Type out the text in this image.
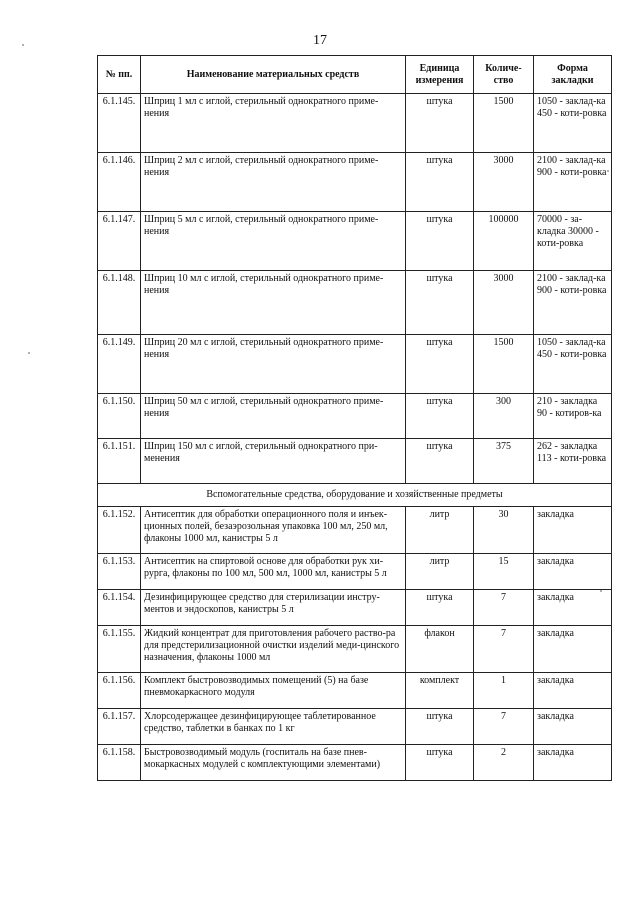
17
№ пп.	Наименование материальных средств	Единица измерения	Количе-ство	Форма закладки
6.1.145.	Шприц 1 мл с иглой, стерильный однократного приме-нения	штука	1500	1050 - заклад-ка 450 - коти-ровка
6.1.146.	Шприц 2 мл с иглой, стерильный однократного приме-нения	штука	3000	2100 - заклад-ка 900 - коти-ровка
6.1.147.	Шприц 5 мл с иглой, стерильный однократного приме-нения	штука	100000	70000 - за-кладка 30000 - коти-ровка
6.1.148.	Шприц 10 мл с иглой, стерильный однократного приме-нения	штука	3000	2100 - заклад-ка 900 - коти-ровка
6.1.149.	Шприц 20 мл с иглой, стерильный однократного приме-нения	штука	1500	1050 - заклад-ка 450 - коти-ровка
6.1.150.	Шприц 50 мл с иглой, стерильный однократного приме-нения	штука	300	210 - закладка 90 - котиров-ка
6.1.151.	Шприц 150 мл с иглой, стерильный однократного при-менения	штука	375	262 - закладка 113 - коти-ровка
Вспомогательные средства, оборудование и хозяйственные предметы				
6.1.152.	Антисептик для обработки операционного поля и инъек-ционных полей, безаэрозольная упаковка 100 мл, 250 мл, флаконы 1000 мл, канистры 5 л	литр	30	закладка
6.1.153.	Антисептик на спиртовой основе для обработки рук хи-рурга, флаконы по 100 мл, 500 мл, 1000 мл, канистры 5 л	литр	15	закладка
6.1.154.	Дезинфицирующее средство для стерилизации инстру-ментов и эндоскопов, канистры 5 л	штука	7	закладка
6.1.155.	Жидкий концентрат для приготовления рабочего раство-ра для предстерилизационной очистки изделий меди-цинского назначения, флаконы 1000 мл	флакон	7	закладка
6.1.156.	Комплект быстровозводимых помещений (5) на базе пневмокаркасного модуля	комплект	1	закладка
6.1.157.	Хлорсодержащее дезинфицирующее таблетированное средство, таблетки в банках по 1 кг	штука	7	закладка
6.1.158.	Быстровозводимый модуль (госпиталь на базе пнев-мокаркасных модулей с комплектующими элементами)	штука	2	закладка
